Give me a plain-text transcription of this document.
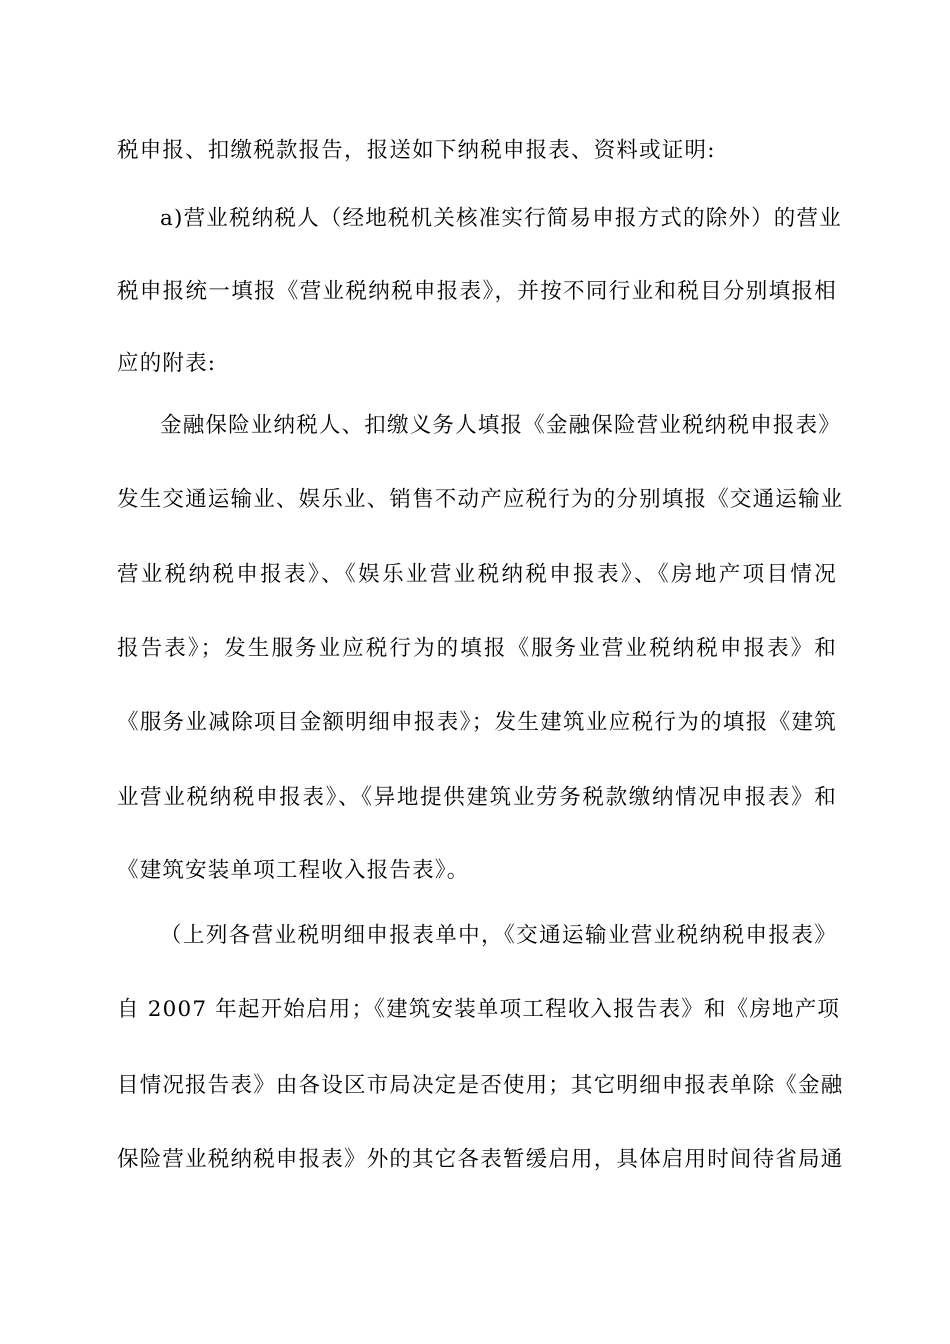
税申报、扣缴税款报告，报送如下纳税申报表、资料或证明:
a)营业税纳税人（经地税机关核准实行简易申报方式的除外）的营业
税申报统一填报《营业税纳税申报表》，并按不同行业和税目分别填报相
应的附表:
金融保险业纳税人、扣缴义务人填报《金融保险营业税纳税申报表》
发生交通运输业、娱乐业、销售不动产应税行为的分别填报《交通运输业
营业税纳税申报表》、《娱乐业营业税纳税申报表》、《房地产项目情况
报告表》；发生服务业应税行为的填报《服务业营业税纳税申报表》和
《服务业减除项目金额明细申报表》；发生建筑业应税行为的填报《建筑
业营业税纳税申报表》、《异地提供建筑业劳务税款缴纳情况申报表》和
《建筑安装单项工程收入报告表》。
（上列各营业税明细申报表单中，《交通运输业营业税纳税申报表》
自 2007 年起开始启用；《建筑安装单项工程收入报告表》和《房地产项
目情况报告表》由各设区市局决定是否使用；其它明细申报表单除《金融
保险营业税纳税申报表》外的其它各表暂缓启用，具体启用时间待省局通
